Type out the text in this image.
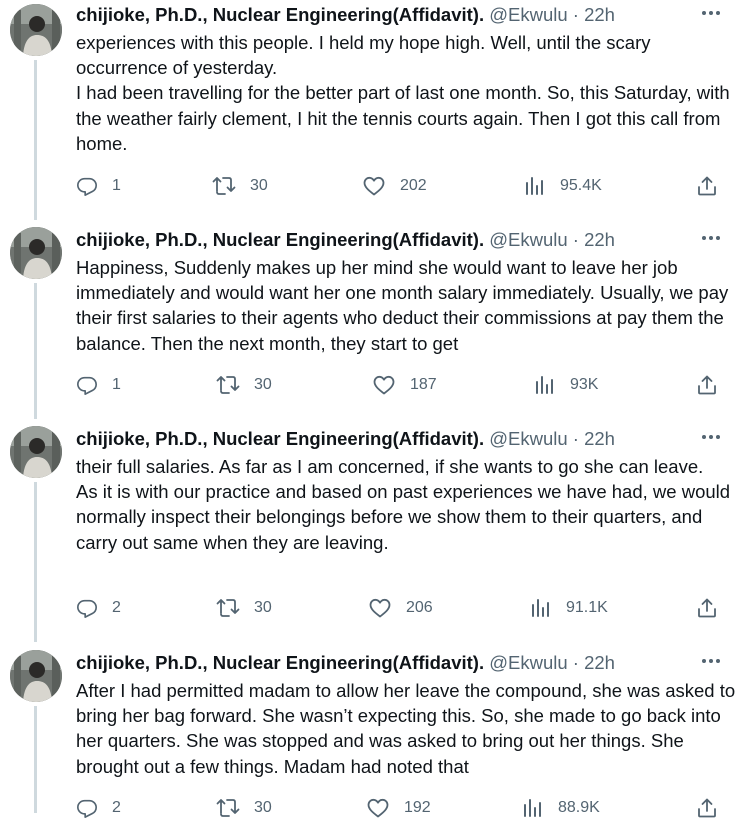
chijioke, Ph.D., Nuclear Engineering(Affidavit). @Ekwulu · 22h

experiences with this people. I held my hope high. Well, until the scary occurrence of yesterday.

I had been travelling for the better part of last one month. So, this Saturday, with the weather fairly clement, I hit the tennis courts again. Then I got this call from home.

1	30	202	95.4K
chijioke, Ph.D., Nuclear Engineering(Affidavit). @Ekwulu · 22h

Happiness, Suddenly makes up her mind she would want to leave her job immediately and would want her one month salary immediately. Usually, we pay their first salaries to their agents who deduct their commissions at pay them the balance. Then the next month, they start to get

1	30	187	93K
chijioke, Ph.D., Nuclear Engineering(Affidavit). @Ekwulu · 22h

their full salaries. As far as I am concerned, if she wants to go she can leave.

As it is with our practice and based on past experiences we have had, we would normally inspect their belongings before we show them to their quarters, and carry out same when they are leaving.

2	30	206	91.1K
chijioke, Ph.D., Nuclear Engineering(Affidavit). @Ekwulu · 22h

After I had permitted madam to allow her leave the compound, she was asked to bring her bag forward. She wasn’t expecting this. So, she made to go back into her quarters. She was stopped and was asked to bring out her things. She brought out a few things. Madam had noted that

2	30	192	88.9K
